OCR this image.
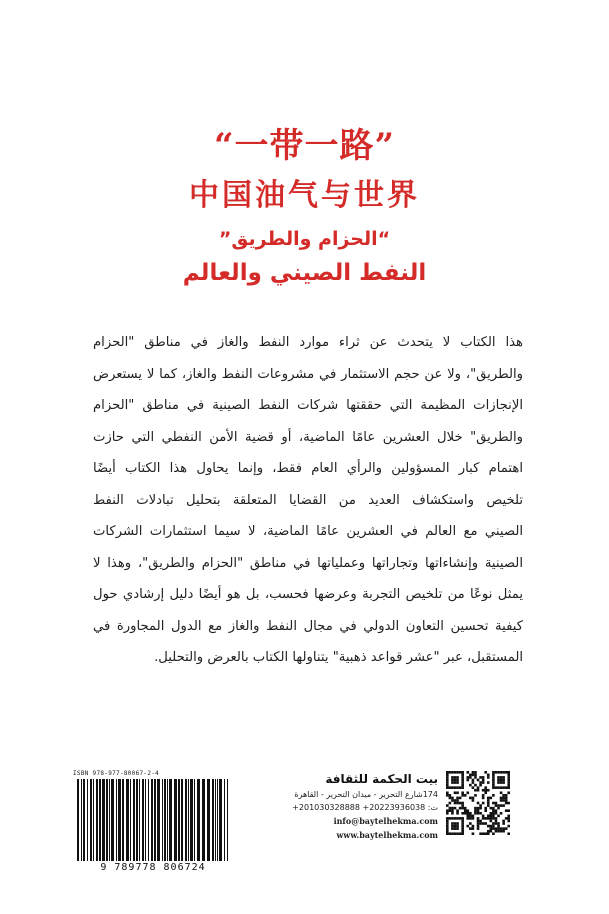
“一带一路”
中国油气与世界
“الحزام والطريق”
النفط الصيني والعالم
هذا الكتاب لا يتحدث عن ثراء موارد النفط والغاز في مناطق "الحزام
والطريق"، ولا عن حجم الاستثمار في مشروعات النفط والغاز، كما لا يستعرض
الإنجازات المظيمة التي حققتها شركات النفط الصينية في مناطق "الحزام
والطريق" خلال العشرين عامًا الماضية، أو قضية الأمن النفطي التي حازت
اهتمام كبار المسؤولين والرأي العام فقط، وإنما يحاول هذا الكتاب أيضًا
تلخيص واستكشاف العديد من القضايا المتعلقة بتحليل تبادلات النفط
الصيني مع العالم في العشرين عامًا الماضية، لا سيما استثمارات الشركات
الصينية وإنشاءاتها وتجاراتها وعملياتها في مناطق "الحزام والطريق"، وهذا لا
يمثل نوعًا من تلخيص التجربة وعرضها فحسب، بل هو أيضًا دليل إرشادي حول
كيفية تحسين التعاون الدولي في مجال النفط والغاز مع الدول المجاورة في
المستقبل، عبر "عشر قواعد ذهبية" يتناولها الكتاب بالعرض والتحليل.
ISBN 978-977-80067-2-4
9 789778 806724
بيت الحكمة للثقافة
174شارع التحرير - ميدان التحرير - القاهرة
ت: 20223936038+ 201030328888+
info@baytelhekma.com
www.baytelhekma.com
